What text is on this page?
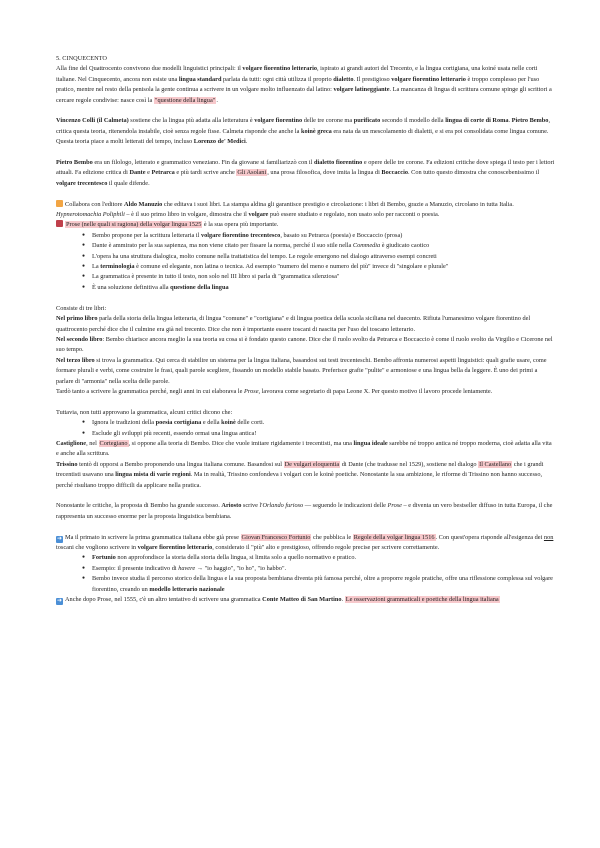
5. CINQUECENTO

Alla fine del Quattrocento convivono due modelli linguistici principali: il volgare fiorentino letterario, ispirato ai grandi autori del Trecento, e la lingua cortigiana, una koiné usata nelle corti italiane. Nel Cinquecento, ancora non esiste una lingua standard parlata da tutti: ogni città utilizza il proprio dialetto. Il prestigioso volgare fiorentino letterario è troppo complesso per l'uso pratico, mentre nel resto della penisola la gente continua a scrivere in un volgare molto influenzato dal latino: volgare latineggiante. La mancanza di lingua di scrittura comune spinge gli scrittori a cercare regole condivise: nasce così la "questione della lingua".

Vincenzo Colli (il Calmeta) sostiene che la lingua più adatta alla letteratura è volgare fiorentino delle tre corone ma purificato secondo il modello della lingua di corte di Roma. Pietro Bembo, critica questa teoria, ritenendola instabile, cioè senza regole fisse. Calmeta risponde che anche la koinè greca era nata da un mescolamento di dialetti, e si era poi consolidata come lingua comune. Questa teoria piace a molti letterati del tempo, incluso Lorenzo de' Medici.

Pietro Bembo era un filologo, letterato e grammatico veneziano. Fin da giovane si familiarizzò con il dialetto fiorentino e opere delle tre corone. Fa edizioni critiche dove spiega il testo per i lettori attuali. Fa edizione critica di Dante e Petrarca e più tardi scrive anche Gli Asolani, una prosa filosofica, dove imita la lingua di Boccaccio. Con tutto questo dimostra che conoscebenissimo il volgare trecentesco il quale difende.

Collabora con l'editore Aldo Manuzio che editava i suoi libri. La stampa aldina gli garantisce prestigio e circolazione: i libri di Bembo, grazie a Manuzio, circolano in tutta Italia. Hypnerotomachia Poliphili – è il suo primo libro in volgare, dimostra che il volgare può essere studiato e regolato, non usato solo per racconti o poesia.

Prose (nelle quali si ragiona) della volgar lingua 1525 è la sua opera più importante.

● Bembo propone per la scrittura letteraria il volgare fiorentino trecentesco, basato su Petrarca (poesia) e Boccaccio (prosa)
● Dante è ammirato per la sua sapienza, ma non viene citato per fissare la norma, perché il suo stile nella Commedia è giudicato caotico
● L'opera ha una struttura dialogica, molto comune nella trattatistica del tempo. Le regole emergono nel dialogo attraverso esempi concreti
● La terminologia è comune ed elegante, non latina o tecnica. Ad esempio "numero del meno e numero del più" invece di "singolare e plurale"
● La grammatica è presente in tutto il testo, non solo nel III libro si parla di "grammatica silenziosa"
● È una soluzione definitiva alla questione della lingua

Consiste di tre libri:

Nel primo libro parla della storia della lingua letteraria, di lingua "comune" e "cortigiana" e di lingua poetica della scuola siciliana nel duecento. Rifiuta l'umanesimo volgare fiorentino del quattrocento perché dice che il culmine era già nel trecento. Dice che non è importante essere toscani di nascita per l'uso del toscano letterario.

Nel secondo libro: Bembo chiarisce ancora meglio la sua teoria su cosa si è fondato questo canone. Dice che il ruolo svolto da Petrarca e Boccaccio è come il ruolo svolto da Virgilio e Cicerone nel suo tempo.

Nel terzo libro si trova la grammatica. Qui cerca di stabilire un sistema per la lingua italiana, basandosi sui testi trecenteschi. Bembo affronta numerosi aspetti linguistici: quali grafie usare, come formare plurali e verbi, come costruire le frasi, quali parole scegliere, fissando un modello stabile basato. Preferisce grafie "pulite" e armoniose e una lingua bella da leggere. È uno dei primi a parlare di "armonia" nella scelta delle parole.

Tardò tanto a scrivere la grammatica perché, negli anni in cui elaborava le Prose, lavorava come segretario di papa Leone X. Per questo motivo il lavoro procede lentamente.

Tuttavia, non tutti approvano la grammatica, alcuni critici dicono che:

● Ignora le tradizioni della poesia cortigiana e della koinè delle corti.
● Esclude gli sviluppi più recenti, essendo ormai una lingua antica!

Castiglione, nel Cortegiano, si oppone alla teoria di Bembo. Dice che vuole imitare rigidamente i trecentisti, ma una lingua ideale sarebbe né troppo antica né troppo moderna, cioè adatta alla vita e anche alla scrittura.

Trissino tentò di opporsi a Bembo proponendo una lingua italiana comune. Basandosi sul De vulgari eloquentia di Dante (che tradusse nel 1529), sostiene nel dialogo Il Castellano che i grandi trecentisti usavano una lingua mista di varie regioni. Ma in realtà, Trissino confondeva i volgari con le koinè poetiche. Nonostante la sua ambizione, le riforme di Trissino non hanno successo, perché risultano troppo difficili da applicare nella pratica.

Nonostante le critiche, la proposta di Bembo ha grande successo. Ariosto scrive l'Orlando furioso — seguendo le indicazioni delle Prose – e diventa un vero bestseller diffuso in tutta Europa, il che rappresenta un successo enorme per la proposta linguistica bembiana.

➜ Ma il primato in scrivere la prima grammatica italiana ebbe già prese Giovan Francesco Fortunio che pubblica le Regole della volgar lingua 1516. Con quest'opera risponde all'esigenza dei non toscani che vogliono scrivere in volgare fiorentino letterario, considerato il "più" alto e prestigioso, offrendo regole precise per scrivere correttamente.

● Fortunio non approfondisce la storia della storia della lingua, si limita solo a quello normativo e pratico.
● Esempio: il presente indicativo di havere → "io haggio", "io ho", "io habbo".
● Bembo invece studia il percorso storico della lingua e la sua proposta bembiana diventa più famosa perché, oltre a proporre regole pratiche, offre una riflessione complessa sul volgare fiorentino, creando un modello letterario nazionale

➜ Anche dopo Prose, nel 1555, c'è un altro tentativo di scrivere una grammatica Conte Matteo di San Martino. Le osservazioni grammaticali e poetiche della lingua italiana
